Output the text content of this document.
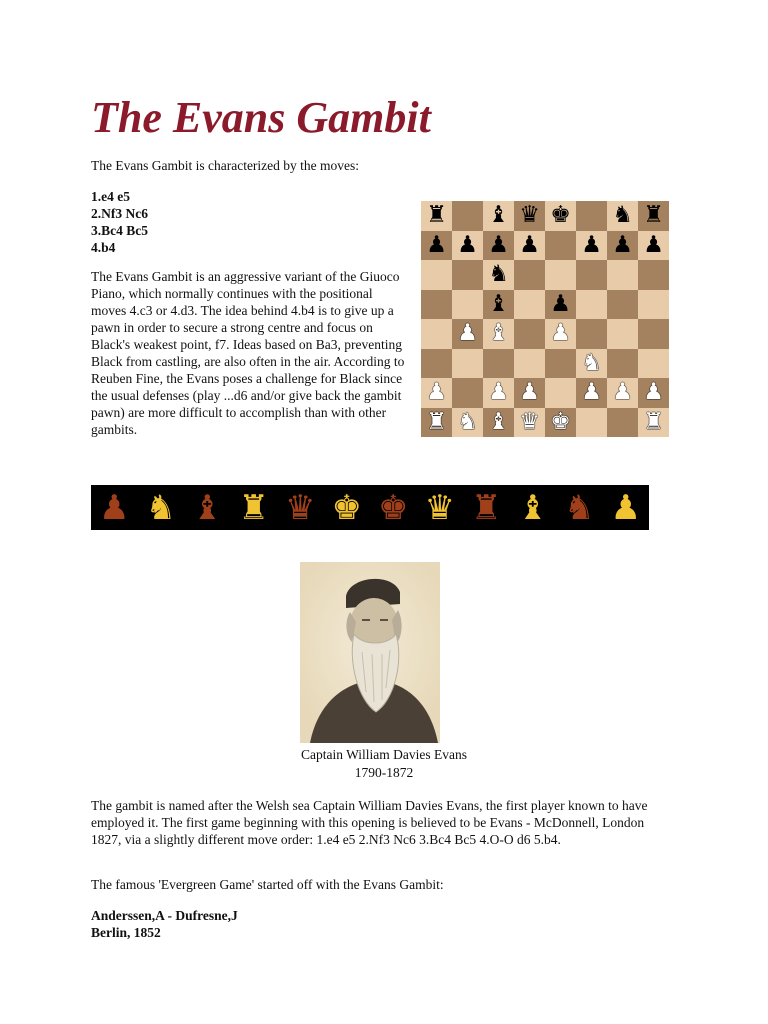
The Evans Gambit

The Evans Gambit is characterized by the moves:

1.e4 e5
2.Nf3 Nc6
3.Bc4 Bc5
4.b4

The Evans Gambit is an aggressive variant of the Giuoco Piano, which normally continues with the positional moves 4.c3 or 4.d3. The idea behind 4.b4 is to give up a pawn in order to secure a strong centre and focus on Black's weakest point, f7. Ideas based on Ba3, preventing Black from castling, are also often in the air. According to Reuben Fine, the Evans poses a challenge for Black since the usual defenses (play ...d6 and/or give back the gambit pawn) are more difficult to accomplish than with other gambits.

♜ ♝ ♛ ♚ ♞ ♜
♟ ♟ ♟ ♟ ♟ ♟ ♟
♞
♝ ♟
♟ ♝ ♟
♞
♟ ♟ ♟ ♟ ♟ ♟
♜ ♞ ♝ ♛ ♚	♜
♟ ♞ ♝ ♜ ♛ ♚ ♚ ♛ ♜ ♝ ♞ ♟
Captain William Davies Evans
1790-1872

The gambit is named after the Welsh sea Captain William Davies Evans, the first player known to have employed it. The first game beginning with this opening is believed to be Evans - McDonnell, London 1827, via a slightly different move order: 1.e4 e5 2.Nf3 Nc6 3.Bc4 Bc5 4.O-O d6 5.b4.

The famous 'Evergreen Game' started off with the Evans Gambit:

Anderssen,A - Dufresne,J
Berlin, 1852
